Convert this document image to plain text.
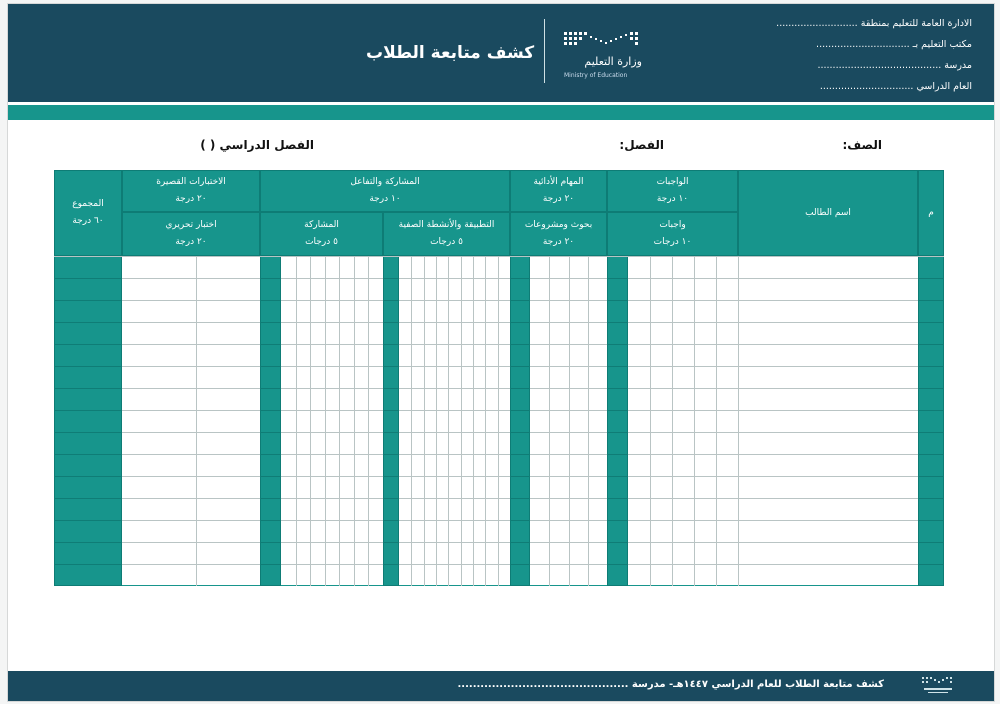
الادارة العامة للتعليم بمنطقة ...........................
مكتب التعليم بـ ...............................
مدرسة .........................................
العام الدراسي ...............................
كشف متابعة الطلاب	وزارة التعليم
Ministry of Education
الصف:
الفصل:
الفصل الدراسي ( )
المجموع
٦٠ درجة
الاختبارات القصيرة
٢٠ درجة
اختبار تحريري
٢٠ درجة
المشاركة والتفاعل
١٠ درجة
المشاركة
٥ درجات
التطبيقة والأنشطة الصفية
٥ درجات
المهام الأدائية
٢٠ درجة
بحوث ومشروعات
٢٠ درجة
الواجبات
١٠ درجة
واجبات
١٠ درجات
اسم الطالب	م
كشف متابعة الطلاب للعام الدراسي ١٤٤٧هـ- مدرسة .............................................
